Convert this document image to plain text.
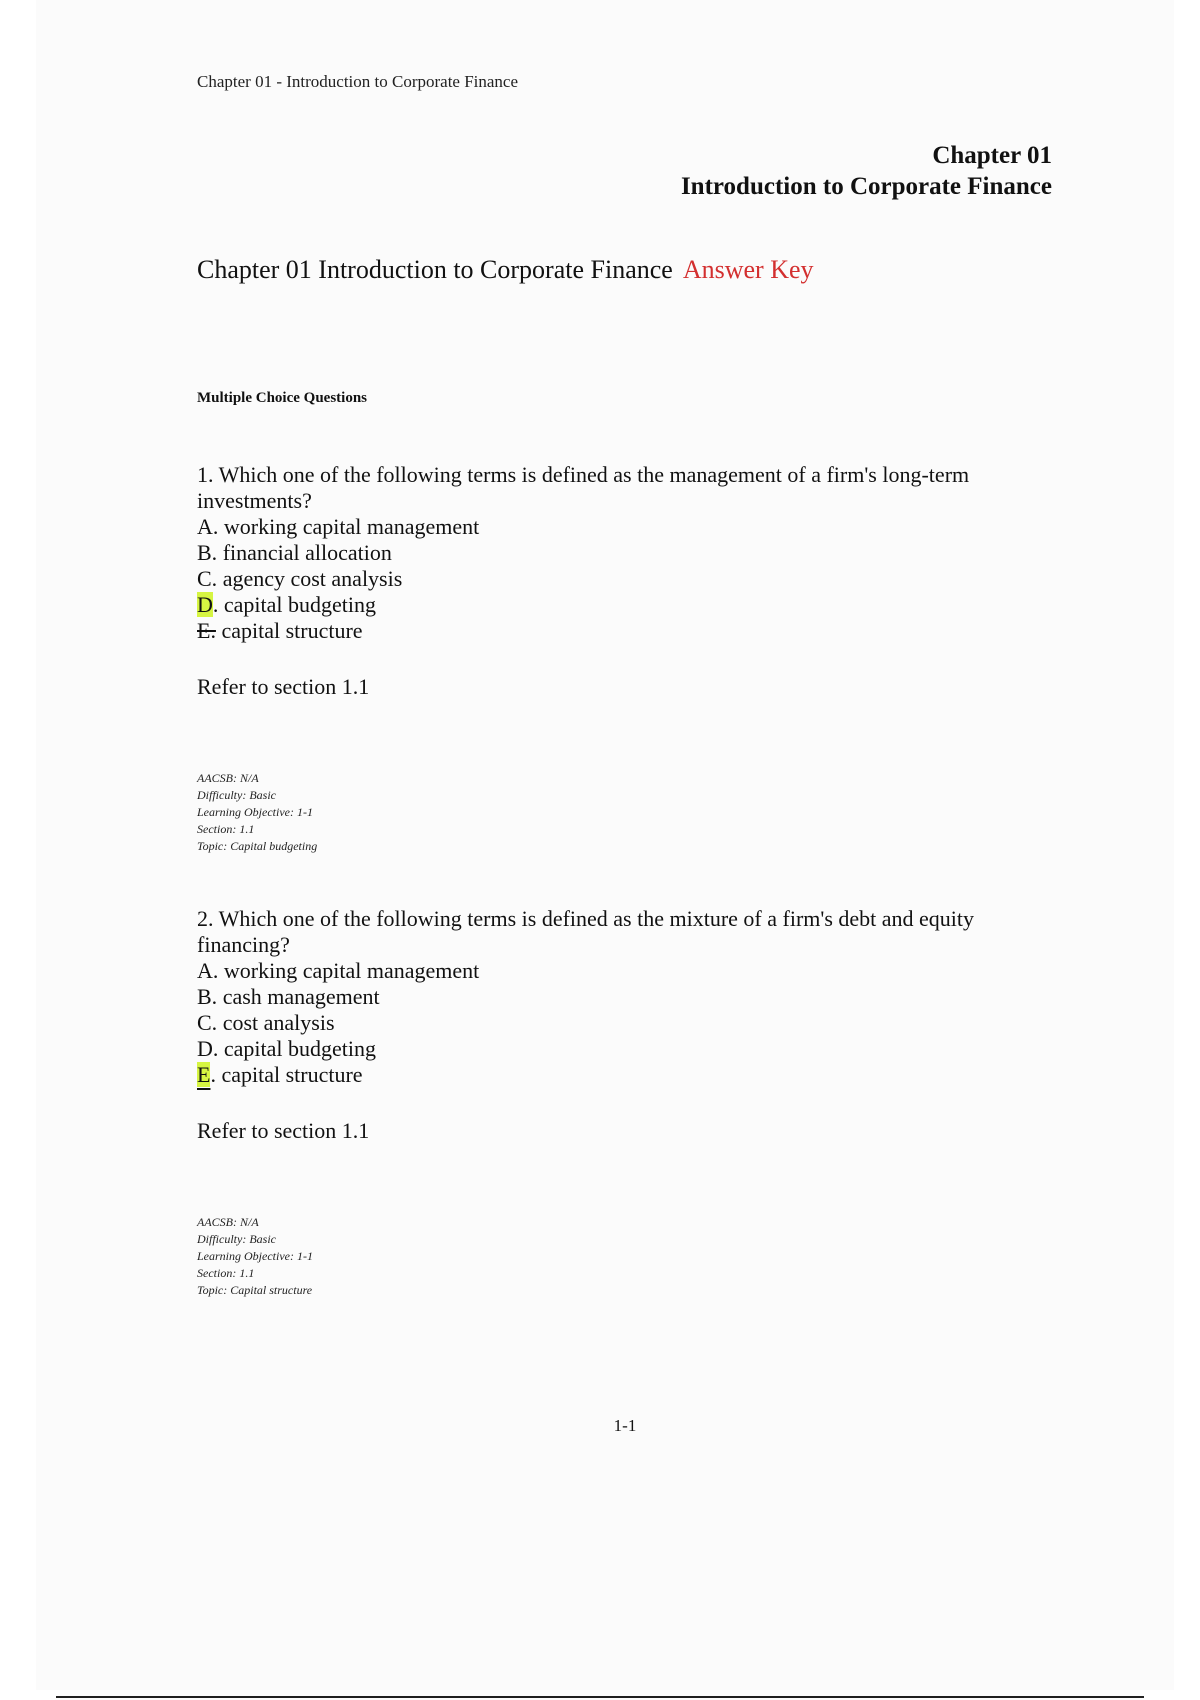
Chapter 01 - Introduction to Corporate Finance
Chapter 01
Introduction to Corporate Finance
Chapter 01 Introduction to Corporate Finance Answer Key
Multiple Choice Questions

1. Which one of the following terms is defined as the management of a firm's long-term investments?

A. working capital management
B. financial allocation
C. agency cost analysis
D. capital budgeting
E. capital structure

Refer to section 1.1

AACSB: N/A
Difficulty: Basic
Learning Objective: 1-1
Section: 1.1
Topic: Capital budgeting

2. Which one of the following terms is defined as the mixture of a firm's debt and equity financing?

A. working capital management
B. cash management
C. cost analysis
D. capital budgeting
E. capital structure

Refer to section 1.1

AACSB: N/A
Difficulty: Basic
Learning Objective: 1-1
Section: 1.1
Topic: Capital structure
1-1
